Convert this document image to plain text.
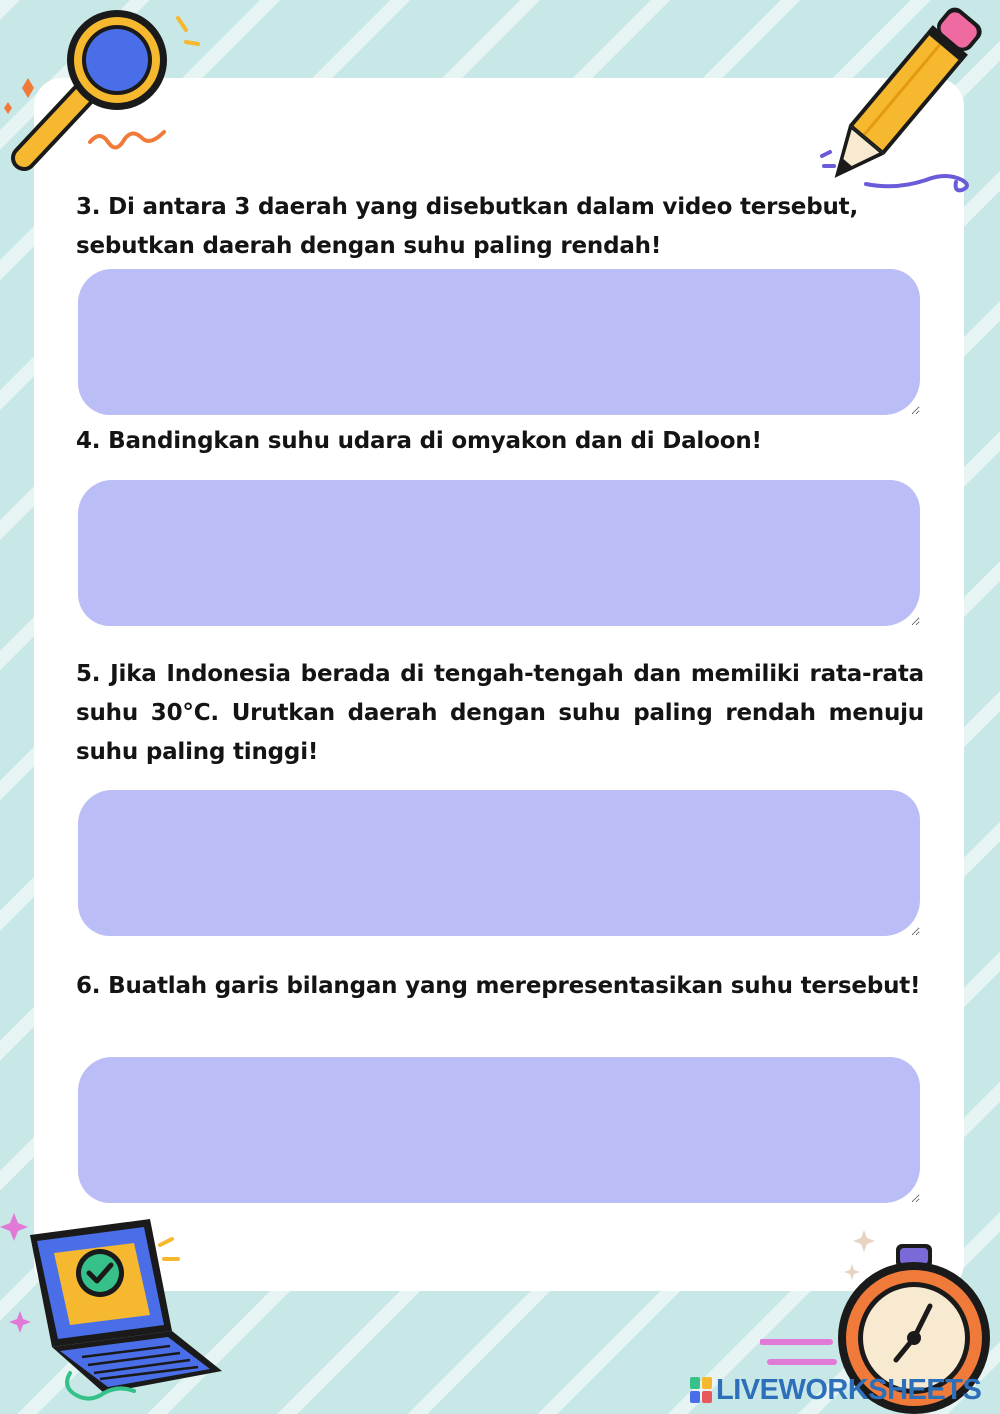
3. Di antara 3 daerah yang disebutkan dalam video tersebut, sebutkan daerah dengan suhu paling rendah!

4. Bandingkan suhu udara di omyakon dan di Daloon!

5. Jika Indonesia berada di tengah-tengah dan memiliki rata-rata suhu 30°C. Urutkan daerah dengan suhu paling rendah menuju suhu paling tinggi!

6. Buatlah garis bilangan yang merepresentasikan suhu tersebut!

LIVEWORKSHEETS
